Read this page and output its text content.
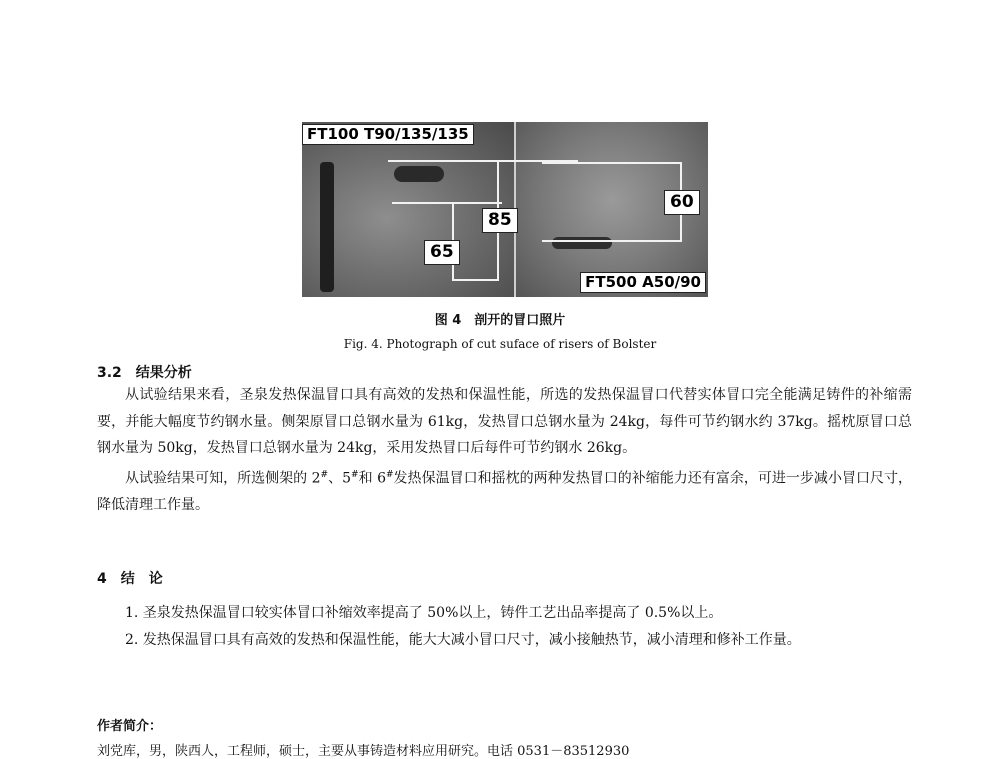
FT100 T90/135/135
FT500 A50/90
85
65
60
图 4　剖开的冒口照片
Fig. 4. Photograph of cut suface of risers of Bolster
3.2　结果分析

从试验结果来看，圣泉发热保温冒口具有高效的发热和保温性能，所选的发热保温冒口代替实体冒口完全能满足铸件的补缩需要，并能大幅度节约钢水量。侧架原冒口总钢水量为 61kg，发热冒口总钢水量为 24kg，每件可节约钢水约 37kg。摇枕原冒口总钢水量为 50kg，发热冒口总钢水量为 24kg，采用发热冒口后每件可节约钢水 26kg。

从试验结果可知，所选侧架的 2#、5#和 6#发热保温冒口和摇枕的两种发热冒口的补缩能力还有富余，可进一步减小冒口尺寸，降低清理工作量。

4　结　论

1. 圣泉发热保温冒口较实体冒口补缩效率提高了 50%以上，铸件工艺出品率提高了 0.5%以上。

2. 发热保温冒口具有高效的发热和保温性能，能大大减小冒口尺寸，减小接触热节，减小清理和修补工作量。

作者简介：
刘党库，男，陕西人，工程师，硕士，主要从事铸造材料应用研究。电话 0531－83512930
